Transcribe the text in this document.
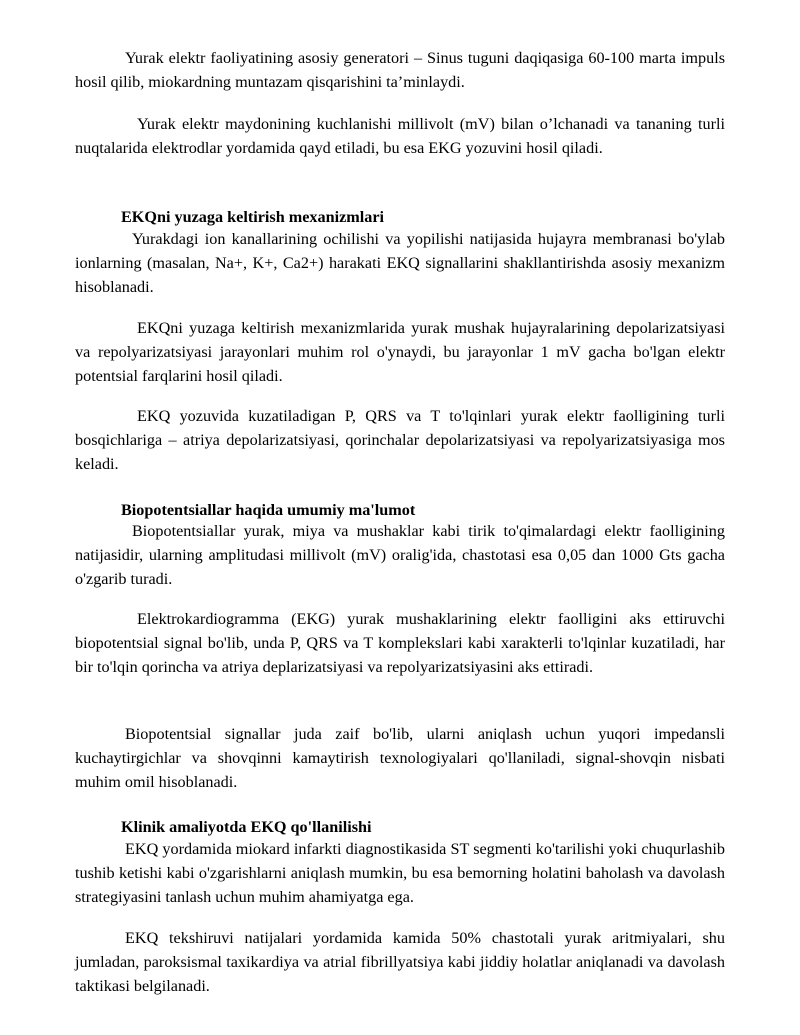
Yurak elektr faoliyatining asosiy generatori – Sinus tuguni daqiqasiga 60-100 marta impuls hosil qilib, miokardning muntazam qisqarishini ta’minlaydi.

Yurak elektr maydonining kuchlanishi millivolt (mV) bilan o’lchanadi va tananing turli nuqtalarida elektrodlar yordamida qayd etiladi, bu esa EKG yozuvini hosil qiladi.

EKQni yuzaga keltirish mexanizmlari

Yurakdagi ion kanallarining ochilishi va yopilishi natijasida hujayra membranasi bo'ylab ionlarning (masalan, Na+, K+, Ca2+) harakati EKQ signallarini shakllantirishda asosiy mexanizm hisoblanadi.

EKQni yuzaga keltirish mexanizmlarida yurak mushak hujayralarining depolarizatsiyasi va repolyarizatsiyasi jarayonlari muhim rol o'ynaydi, bu jarayonlar 1 mV gacha bo'lgan elektr potentsial farqlarini hosil qiladi.

EKQ yozuvida kuzatiladigan P, QRS va T to'lqinlari yurak elektr faolligining turli bosqichlariga – atriya depolarizatsiyasi, qorinchalar depolarizatsiyasi va repolyarizatsiyasiga mos keladi.

Biopotentsiallar haqida umumiy ma'lumot

Biopotentsiallar yurak, miya va mushaklar kabi tirik to'qimalardagi elektr faolligining natijasidir, ularning amplitudasi millivolt (mV) oralig'ida, chastotasi esa 0,05 dan 1000 Gts gacha o'zgarib turadi.

Elektrokardiogramma (EKG) yurak mushaklarining elektr faolligini aks ettiruvchi biopotentsial signal bo'lib, unda P, QRS va T komplekslari kabi xarakterli to'lqinlar kuzatiladi, har bir to'lqin qorincha va atriya deplarizatsiyasi va repolyarizatsiyasini aks ettiradi.

Biopotentsial signallar juda zaif bo'lib, ularni aniqlash uchun yuqori impedansli kuchaytirgichlar va shovqinni kamaytirish texnologiyalari qo'llaniladi, signal-shovqin nisbati muhim omil hisoblanadi.

Klinik amaliyotda EKQ qo'llanilishi

EKQ yordamida miokard infarkti diagnostikasida ST segmenti ko'tarilishi yoki chuqurlashib tushib ketishi kabi o'zgarishlarni aniqlash mumkin, bu esa bemorning holatini baholash va davolash strategiyasini tanlash uchun muhim ahamiyatga ega.

EKQ tekshiruvi natijalari yordamida kamida 50% chastotali yurak aritmiyalari, shu jumladan, paroksismal taxikardiya va atrial fibrillyatsiya kabi jiddiy holatlar aniqlanadi va davolash taktikasi belgilanadi.
